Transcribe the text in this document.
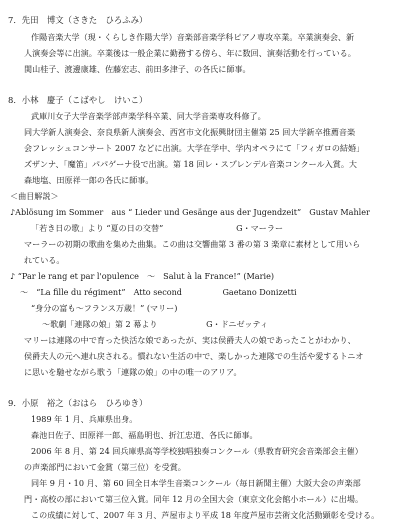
7．先田　博文（さきた　ひろふみ）
作陽音楽大学（現・くらしき作陽大学）音楽部音楽学科ピアノ専攻卒業。卒業演奏会、新
人演奏会等に出演。卒業後は一般企業に勤務する傍ら、年に数回、演奏活動を行っている。
関山桂子、渡邊康雄、佐藤宏志、前田多津子、の各氏に師事。
8．小林　慶子（こばやし　けいこ）
武庫川女子大学音楽学部声楽学科卒業、同大学音楽専攻科修了。
同大学新人演奏会、奈良県新人演奏会、西宮市文化振興財団主催第 25 回大学新卒推薦音楽
会フレッシュコンサート 2007 などに出演。大学在学中、学内オペラにて「フィガロの結婚」
ズザンナ、「魔笛」パパゲーナ役で出演。第 18 回レ・スプレンデル音楽コンクール入賞。大
森地塩、田原祥一郎の各氏に師事。
＜曲目解説＞
♪Ablösung im Sommer　aus “ Lieder und Gesänge aus der Jugendzeit”　Gustav Mahler
「若き日の歌」より “夏の日の交替”　　　　　　　　　G・マーラー
マーラーの初期の歌曲を集めた曲集。この曲は交響曲第 3 番の第 3 楽章に素材として用いら
れている。
♪ “Par le rang et par l'opulence　～　Salut à la France!” (Marie)
～　“La fille du régiment”　Atto second　　　　　Gaetano Donizetti
“身分の富も～フランス万歳！” (マリー)
～歌劇「連隊の娘」第 2 幕より　　　　　　G・ドニゼッティ
マリーは連隊の中で育った快活な娘であったが、実は侯爵夫人の娘であったことがわかり、
侯爵夫人の元へ連れ戻される。慣れない生活の中で、楽しかった連隊での生活や愛するトニオ
に思いを馳せながら歌う「連隊の娘」の中の唯一のアリア。
9．小原　裕之（おはら　ひろゆき）
1989 年 1 月、兵庫県出身。
森池日佐子、田原祥一郎、福島明也、折江忠道、各氏に師事。
2006 年 8 月、第 24 回兵庫県高等学校独唱独奏コンクール（県教育研究会音楽部会主催）
の声楽部門において金賞（第三位）を受賞。
同年 9 月・10 月、第 60 回全日本学生音楽コンクール（毎日新聞主催）大阪大会の声楽部
門・高校の部において第三位入賞。同年 12 月の全国大会（東京文化会館小ホール）に出場。
この成績に対して、2007 年 3 月、芦屋市より平成 18 年度芦屋市芸術文化活動顕彰を受ける。
